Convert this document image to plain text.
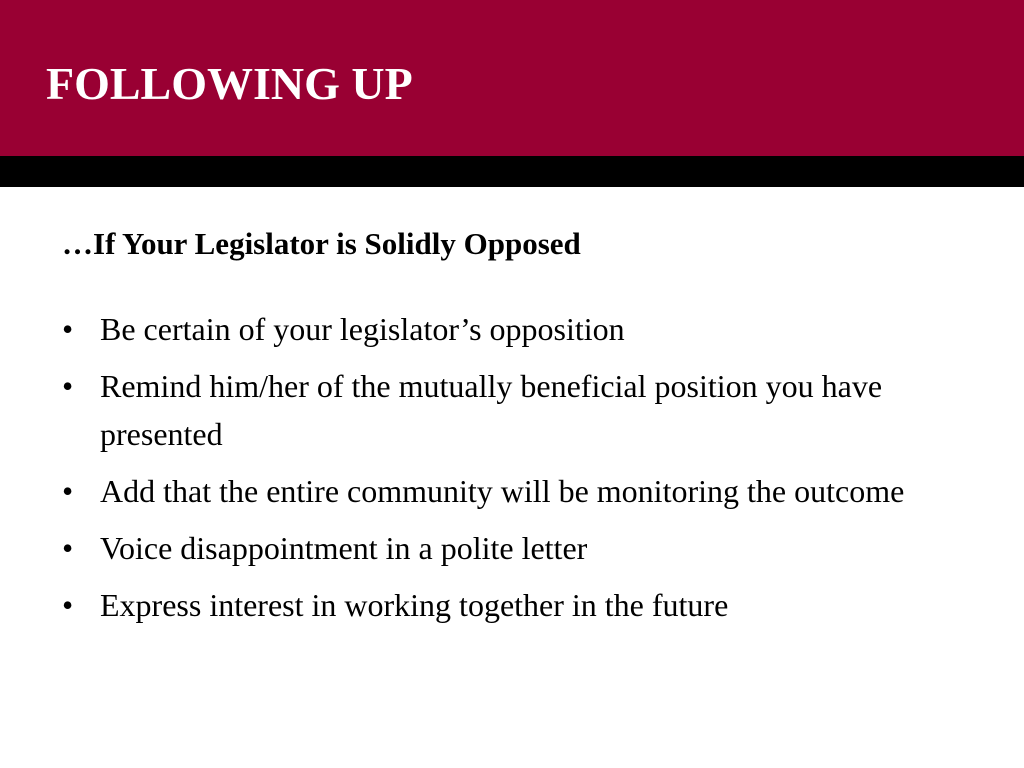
FOLLOWING UP
…If Your Legislator is Solidly Opposed
• Be certain of your legislator’s opposition
• Remind him/her of the mutually beneficial position you have presented
• Add that the entire community will be monitoring the outcome
• Voice disappointment in a polite letter
• Express interest in working together in the future
